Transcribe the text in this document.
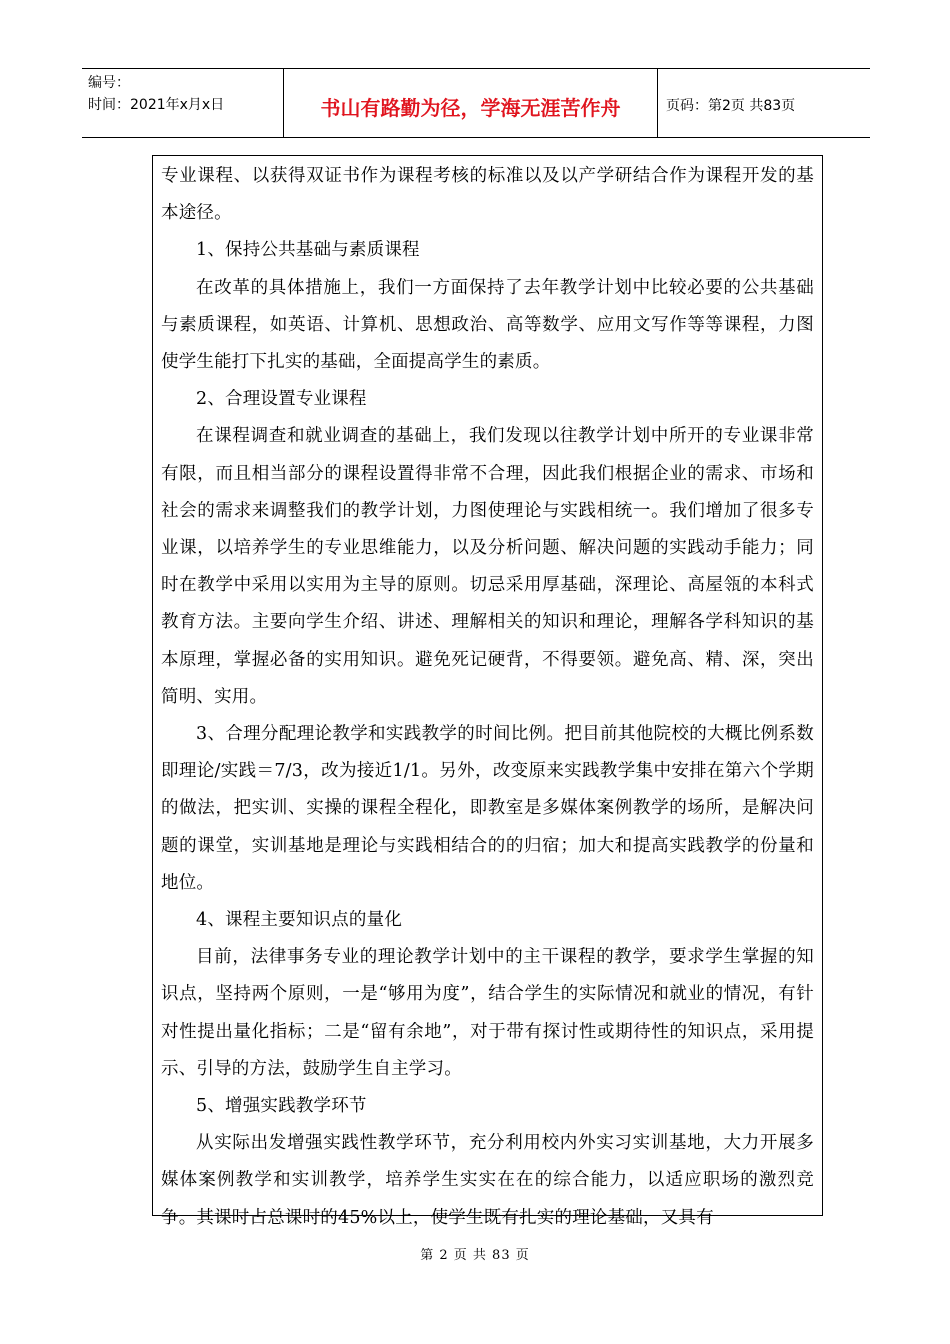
编号：
时间：2021年x月x日	书山有路勤为径，学海无涯苦作舟	页码：第2页 共83页

专业课程、以获得双证书作为课程考核的标准以及以产学研结合作为课程开发的基本途径。

1、保持公共基础与素质课程

在改革的具体措施上，我们一方面保持了去年教学计划中比较必要的公共基础与素质课程，如英语、计算机、思想政治、高等数学、应用文写作等等课程，力图使学生能打下扎实的基础，全面提高学生的素质。

2、合理设置专业课程

在课程调查和就业调查的基础上，我们发现以往教学计划中所开的专业课非常有限，而且相当部分的课程设置得非常不合理，因此我们根据企业的需求、市场和社会的需求来调整我们的教学计划，力图使理论与实践相统一。我们增加了很多专业课，以培养学生的专业思维能力，以及分析问题、解决问题的实践动手能力；同时在教学中采用以实用为主导的原则。切忌采用厚基础，深理论、高屋瓴的本科式教育方法。主要向学生介绍、讲述、理解相关的知识和理论，理解各学科知识的基本原理，掌握必备的实用知识。避免死记硬背，不得要领。避免高、精、深，突出简明、实用。

3、合理分配理论教学和实践教学的时间比例。把目前其他院校的大概比例系数即理论/实践＝7/3，改为接近1/1。另外，改变原来实践教学集中安排在第六个学期的做法，把实训、实操的课程全程化，即教室是多媒体案例教学的场所，是解决问题的课堂，实训基地是理论与实践相结合的的归宿；加大和提高实践教学的份量和地位。

4、课程主要知识点的量化

目前，法律事务专业的理论教学计划中的主干课程的教学，要求学生掌握的知识点，坚持两个原则，一是“够用为度”，结合学生的实际情况和就业的情况，有针对性提出量化指标；二是“留有余地”，对于带有探讨性或期待性的知识点，采用提示、引导的方法，鼓励学生自主学习。

5、增强实践教学环节

从实际出发增强实践性教学环节，充分利用校内外实习实训基地，大力开展多媒体案例教学和实训教学，培养学生实实在在的综合能力，以适应职场的激烈竞争。其课时占总课时的45%以上，使学生既有扎实的理论基础，又具有

第 2 页 共 83 页
